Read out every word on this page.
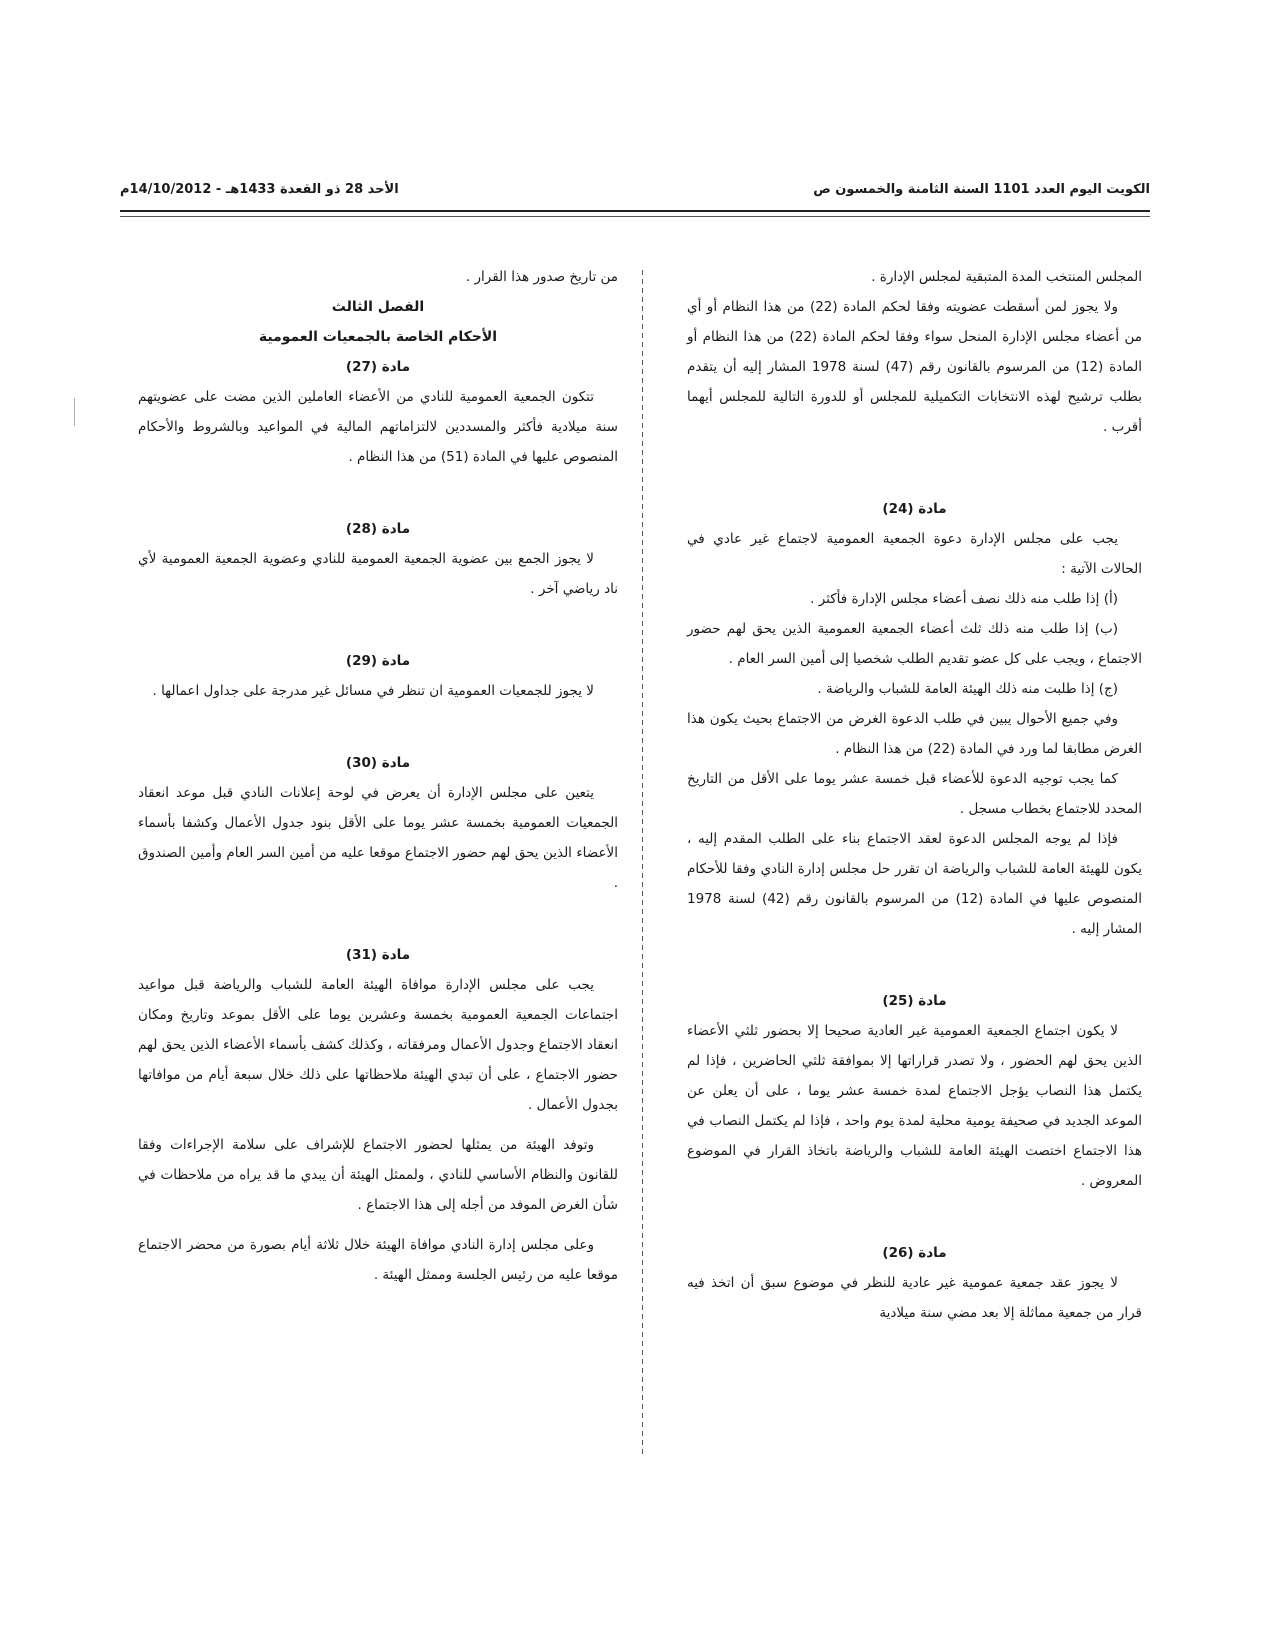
الكويت اليوم العدد 1101 السنة الثامنة والخمسون ص
الأحد 28 ذو القعدة 1433هـ - 14/10/2012م

المجلس المنتخب المدة المتبقية لمجلس الإدارة .

ولا يجوز لمن أسقطت عضويته وفقا لحكم المادة (22) من هذا النظام أو أي من أعضاء مجلس الإدارة المنحل سواء وفقا لحكم المادة (22) من هذا النظام أو المادة (12) من المرسوم بالقانون رقم (47) لسنة 1978 المشار إليه أن يتقدم بطلب ترشيح لهذه الانتخابات التكميلية للمجلس أو للدورة التالية للمجلس أيهما أقرب .

مادة (24)

يجب على مجلس الإدارة دعوة الجمعية العمومية لاجتماع غير عادي في الحالات الآتية :

(أ) إذا طلب منه ذلك نصف أعضاء مجلس الإدارة فأكثر .

(ب) إذا طلب منه ذلك ثلث أعضاء الجمعية العمومية الذين يحق لهم حضور الاجتماع ، ويجب على كل عضو تقديم الطلب شخصيا إلى أمين السر العام .

(ج) إذا طلبت منه ذلك الهيئة العامة للشباب والرياضة .

وفي جميع الأحوال يبين في طلب الدعوة الغرض من الاجتماع بحيث يكون هذا الغرض مطابقا لما ورد في المادة (22) من هذا النظام .

كما يجب توجيه الدعوة للأعضاء قبل خمسة عشر يوما على الأقل من التاريخ المحدد للاجتماع بخطاب مسجل .

فإذا لم يوجه المجلس الدعوة لعقد الاجتماع بناء على الطلب المقدم إليه ، يكون للهيئة العامة للشباب والرياضة ان تقرر حل مجلس إدارة النادي وفقا للأحكام المنصوص عليها في المادة (12) من المرسوم بالقانون رقم (42) لسنة 1978 المشار إليه .

مادة (25)

لا يكون اجتماع الجمعية العمومية غير العادية صحيحا إلا بحضور ثلثي الأعضاء الذين يحق لهم الحضور ، ولا تصدر قراراتها إلا بموافقة ثلثي الحاضرين ، فإذا لم يكتمل هذا النصاب يؤجل الاجتماع لمدة خمسة عشر يوما ، على أن يعلن عن الموعد الجديد في صحيفة يومية محلية لمدة يوم واحد ، فإذا لم يكتمل النصاب في هذا الاجتماع اختصت الهيئة العامة للشباب والرياضة باتخاذ القرار في الموضوع المعروض .

مادة (26)

لا يجوز عقد جمعية عمومية غير عادية للنظر في موضوع سبق أن اتخذ فيه قرار من جمعية مماثلة إلا بعد مضي سنة ميلادية

من تاريخ صدور هذا القرار .

الفصل الثالث

الأحكام الخاصة بالجمعيات العمومية

مادة (27)

تتكون الجمعية العمومية للنادي من الأعضاء العاملين الذين مضت على عضويتهم سنة ميلادية فأكثر والمسددين لالتزاماتهم المالية في المواعيد وبالشروط والأحكام المنصوص عليها في المادة (51) من هذا النظام .

مادة (28)

لا يجوز الجمع بين عضوية الجمعية العمومية للنادي وعضوية الجمعية العمومية لأي ناد رياضي آخر .

مادة (29)

لا يجوز للجمعيات العمومية ان تنظر في مسائل غير مدرجة على جداول اعمالها .

مادة (30)

يتعين على مجلس الإدارة أن يعرض في لوحة إعلانات النادي قبل موعد انعقاد الجمعيات العمومية بخمسة عشر يوما على الأقل بنود جدول الأعمال وكشفا بأسماء الأعضاء الذين يحق لهم حضور الاجتماع موقعا عليه من أمين السر العام وأمين الصندوق .

مادة (31)

يجب على مجلس الإدارة موافاة الهيئة العامة للشباب والرياضة قبل مواعيد اجتماعات الجمعية العمومية بخمسة وعشرين يوما على الأقل بموعد وتاريخ ومكان انعقاد الاجتماع وجدول الأعمال ومرفقاته ، وكذلك كشف بأسماء الأعضاء الذين يحق لهم حضور الاجتماع ، على أن تبدي الهيئة ملاحظاتها على ذلك خلال سبعة أيام من موافاتها بجدول الأعمال .

وتوفد الهيئة من يمثلها لحضور الاجتماع للإشراف على سلامة الإجراءات وفقا للقانون والنظام الأساسي للنادي ، ولممثل الهيئة أن يبدي ما قد يراه من ملاحظات في شأن الغرض الموفد من أجله إلى هذا الاجتماع .

وعلى مجلس إدارة النادي موافاة الهيئة خلال ثلاثة أيام بصورة من محضر الاجتماع موقعا عليه من رئيس الجلسة وممثل الهيئة .
